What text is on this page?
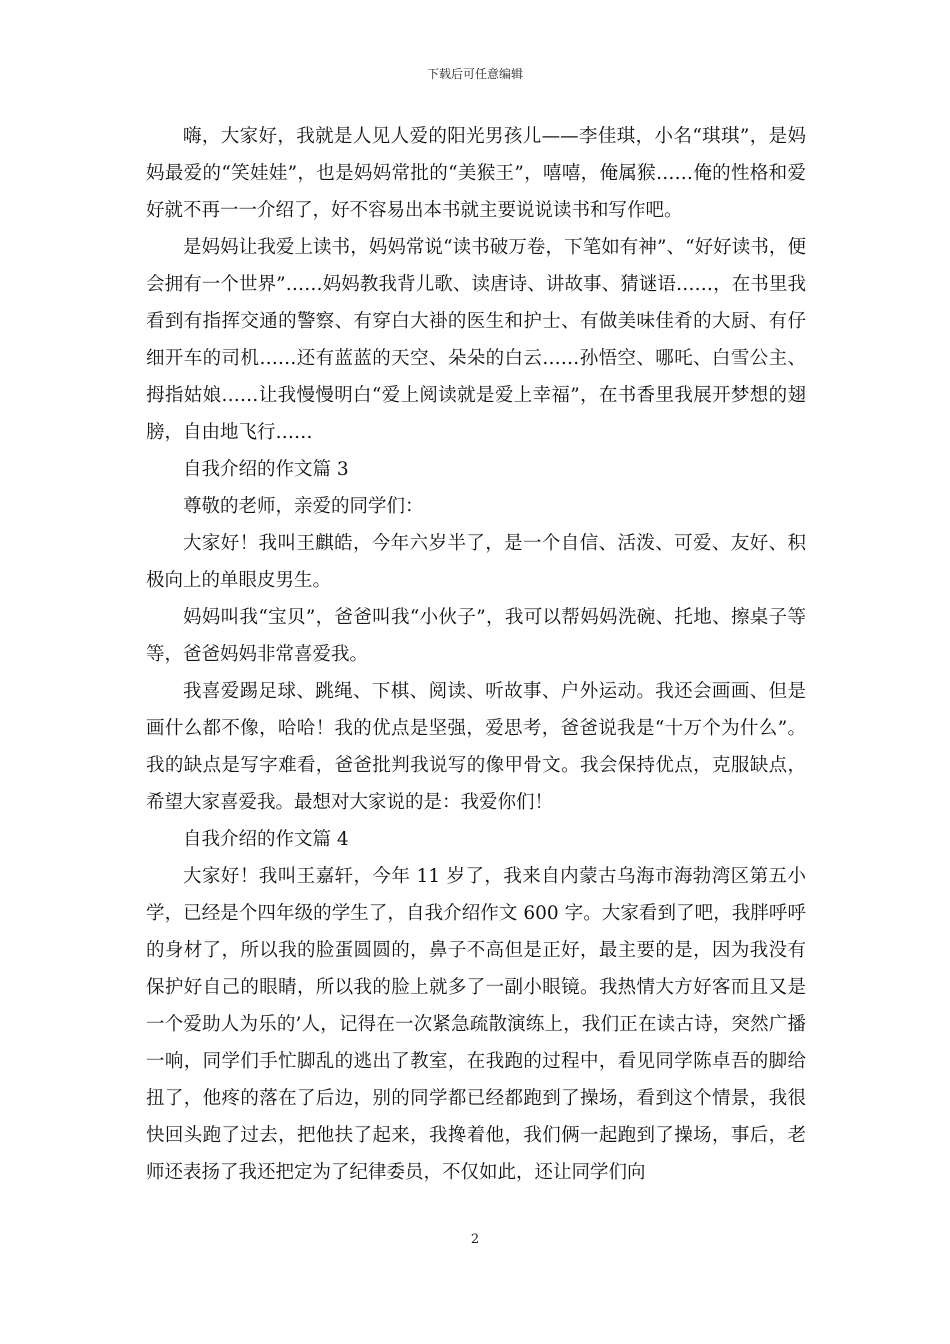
下载后可任意编辑

嗨，大家好，我就是人见人爱的阳光男孩儿——李佳琪，小名“琪琪”，是妈妈最爱的“笑娃娃”，也是妈妈常批的“美猴王”，嘻嘻，俺属猴……俺的性格和爱好就不再一一介绍了，好不容易出本书就主要说说读书和写作吧。

是妈妈让我爱上读书，妈妈常说“读书破万卷，下笔如有神”、“好好读书，便会拥有一个世界”……妈妈教我背儿歌、读唐诗、讲故事、猜谜语……，在书里我看到有指挥交通的警察、有穿白大褂的医生和护士、有做美味佳肴的大厨、有仔细开车的司机……还有蓝蓝的天空、朵朵的白云……孙悟空、哪吒、白雪公主、拇指姑娘……让我慢慢明白“爱上阅读就是爱上幸福”，在书香里我展开梦想的翅膀，自由地飞行……

自我介绍的作文篇 3

尊敬的老师，亲爱的同学们：

大家好！我叫王麒皓，今年六岁半了，是一个自信、活泼、可爱、友好、积极向上的单眼皮男生。

妈妈叫我“宝贝”，爸爸叫我“小伙子”，我可以帮妈妈洗碗、托地、擦桌子等等，爸爸妈妈非常喜爱我。

我喜爱踢足球、跳绳、下棋、阅读、听故事、户外运动。我还会画画、但是画什么都不像，哈哈！我的优点是坚强，爱思考，爸爸说我是“十万个为什么”。我的缺点是写字难看，爸爸批判我说写的像甲骨文。我会保持优点，克服缺点，希望大家喜爱我。最想对大家说的是：我爱你们！

自我介绍的作文篇 4

大家好！我叫王嘉轩，今年 11 岁了，我来自内蒙古乌海市海勃湾区第五小学，已经是个四年级的学生了，自我介绍作文 600 字。大家看到了吧，我胖呼呼的身材了，所以我的脸蛋圆圆的，鼻子不高但是正好，最主要的是，因为我没有保护好自己的眼睛，所以我的脸上就多了一副小眼镜。我热情大方好客而且又是一个爱助人为乐的’人，记得在一次紧急疏散演练上，我们正在读古诗，突然广播一响，同学们手忙脚乱的逃出了教室，在我跑的过程中，看见同学陈卓吾的脚给扭了，他疼的落在了后边，别的同学都已经都跑到了操场，看到这个情景，我很快回头跑了过去，把他扶了起来，我搀着他，我们俩一起跑到了操场，事后，老师还表扬了我还把定为了纪律委员，不仅如此，还让同学们向

2
